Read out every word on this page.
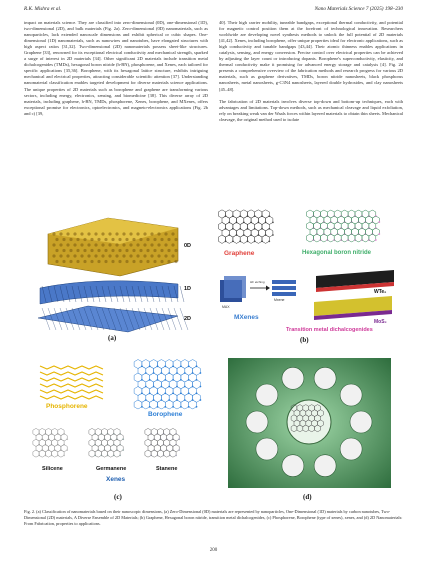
R.K. Mishra et al.	Nano Materials Science 7 (2025) 198–230
impact on materials science. They are classified into zero-dimensional (0D), one-dimensional (1D), two-dimensional (2D), and bulk materials (Fig. 2a). Zero-dimensional (0D) nanomaterials, such as nanoparticles, lack extended nanoscale dimensions and exhibit spherical or cubic shapes. One-dimensional (1D) nanomaterials, such as nanowires and nanotubes, have elongated structures with high aspect ratios [31,32]. Two-dimensional (2D) nanomaterials possess sheet-like structures. Graphene [33], renowned for its exceptional electrical conductivity and mechanical strength, sparked a surge of interest in 2D materials [34]. Other significant 2D materials include transition metal dichalcogenides (TMDs), hexagonal boron nitride (h-BN), phosphorene, and Xenes, each tailored for specific applications [35,36]. Borophene, with its hexagonal lattice structure, exhibits intriguing mechanical and electrical properties, attracting considerable scientific attention [37]. Understanding nanomaterial classification enables targeted development for diverse materials science applications. The unique properties of 2D materials such as borophene and graphene are transforming various sectors, including energy, electronics, sensing, and biomedicine [38]. This diverse array of 2D materials, including graphene, h-BN, TMDs, phosphorene, Xenes, borophene, and MXenes, offers exceptional promise for electronics, optoelectronics, and magneto-electronics applications (Fig. 2b and c) [39,
40]. Their high carrier mobility, tuneable bandgaps, exceptional thermal conductivity, and potential for magnetic control position them at the forefront of technological innovation. Researchers worldwide are developing novel synthesis methods to unlock the full potential of 2D materials [41,42]. Xenes, including borophene, offer unique properties ideal for electronic applications, such as high conductivity and tunable bandgaps [43,44]. Their atomic thinness enables applications in catalysis, sensing, and energy conversion. Precise control over electrical properties can be achieved by adjusting the layer count or introducing dopants. Borophene's superconductivity, elasticity, and thermal conductivity make it promising for advanced energy storage and catalysis [4]. Fig. 2d presents a comprehensive overview of the fabrication methods and research progress for various 2D materials, such as graphene derivatives, TMDs, boron nitride nanosheets, black phosphorus nanosheets, metal nanosheets, g-C3N4 nanosheets, layered double hydroxides, and clay nanosheets [45–48].

The fabrication of 2D materials involves diverse top-down and bottom-up techniques, each with advantages and limitations. Top-down methods, such as mechanical cleavage and liquid exfoliation, rely on breaking weak van der Waals forces within layered materials to obtain thin sheets. Mechanical cleavage, the original method used to isolate
0D
1D
2D
(a)
Graphene	Hexagonal boron nitride
MAX
HF etching
Mxene
MXenes
WTe₂
MoS₂
Transition metal dichalcogenides
(b)
Phosphorene
Borophene
Silicene	Germanene	Stanene
Xenes
(c)	(d)
Fig. 2. (a) Classification of nanomaterials based on their nanoscopic dimensions, (a) Zero-Dimensional (0D) materials are represented by nanoparticles, One-Dimensional (1D) materials by carbon nanotubes, Two-Dimensional (2D) materials, A Diverse Ensemble of 2D Materials; (b) Graphene, Hexagonal boron nitride, transition metal dichalcogenides, (c) Phosphorene, Borophene (type of xenes), xenes, and (d) 2D Nanomaterials: From Fabrication, properties to applications.
200
